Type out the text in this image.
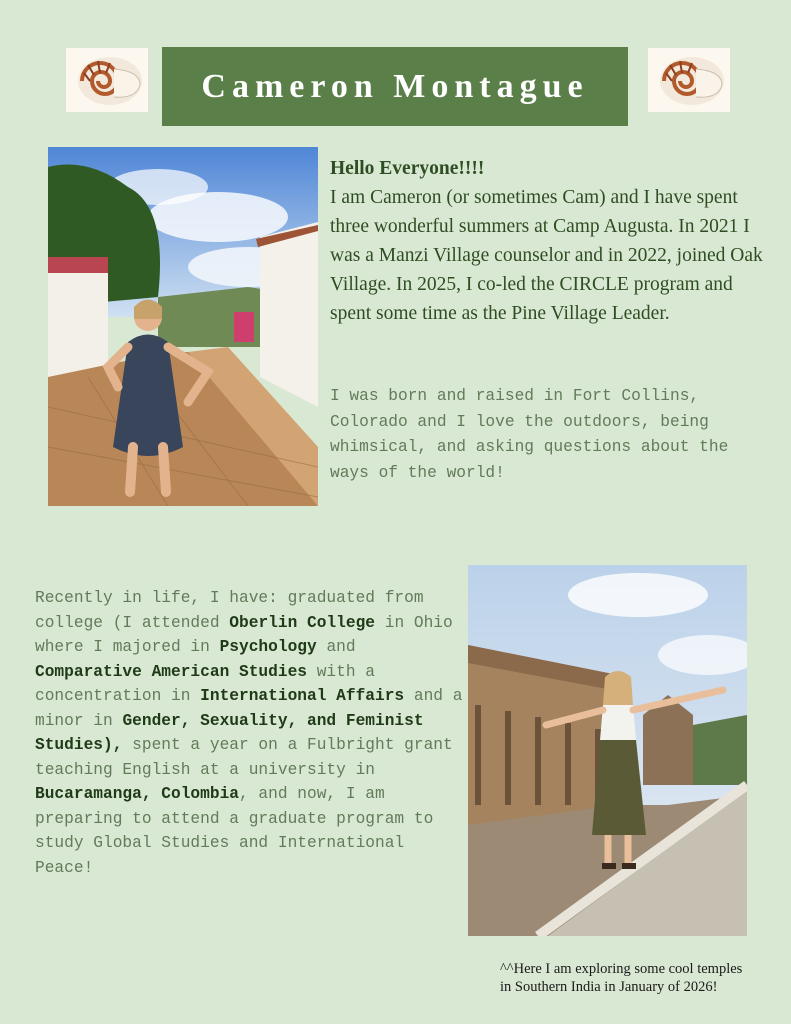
Cameron Montague
Hello Everyone!!!!
I am Cameron (or sometimes Cam) and I have spent three wonderful summers at Camp Augusta. In 2021 I was a Manzi Village counselor and in 2022, joined Oak Village. In 2025, I co-led the CIRCLE program and spent some time as the Pine Village Leader.

I was born and raised in Fort Collins, Colorado and I love the outdoors, being whimsical, and asking questions about the ways of the world!

Recently in life, I have: graduated from college (I attended Oberlin College in Ohio where I majored in Psychology and Comparative American Studies with a concentration in International Affairs and a minor in Gender, Sexuality, and Feminist Studies), spent a year on a Fulbright grant teaching English at a university in Bucaramanga, Colombia, and now, I am preparing to attend a graduate program to study Global Studies and International Peace!

^^Here I am exploring some cool temples
in Southern India in January of 2026!
